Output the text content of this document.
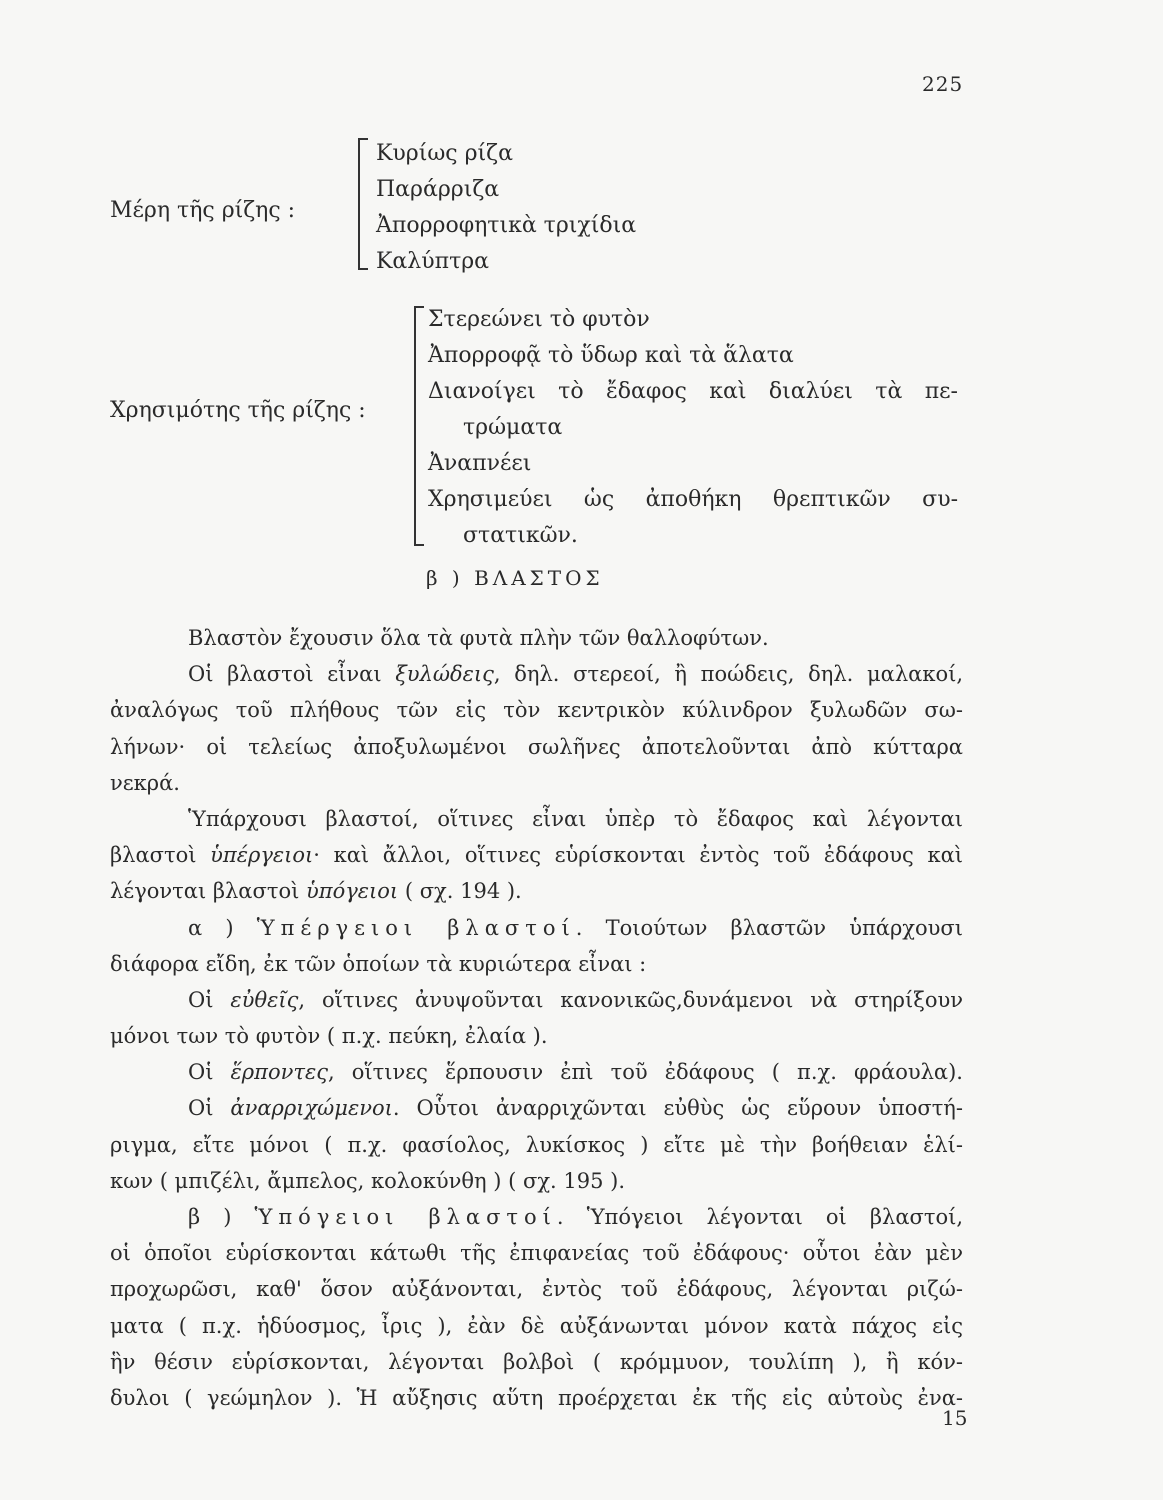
225
Μέρη τῆς ρίζης :
Κυρίως ρίζα
Παράρριζα
Ἀπορροφητικὰ τριχίδια
Καλύπτρα
Χρησιμότης τῆς ρίζης :
Στερεώνει τὸ φυτὸν
Ἀπορροφᾷ τὸ ὕδωρ καὶ τὰ ἅλατα
Διανοίγει τὸ ἔδαφος καὶ διαλύει τὰ πε-
τρώματα
Ἀναπνέει
Χρησιμεύει ὡς ἀποθήκη θρεπτικῶν συ-
στατικῶν.
β ) ΒΛΑΣΤΟΣ
Βλαστὸν ἔχουσιν ὅλα τὰ φυτὰ πλὴν τῶν θαλλοφύτων.
Οἱ βλαστοὶ εἶναι ξυλώδεις, δηλ. στερεοί, ἢ ποώδεις, δηλ. μαλακοί,
ἀναλόγως τοῦ πλήθους τῶν εἰς τὸν κεντρικὸν κύλινδρον ξυλωδῶν σω-
λήνων· οἱ τελείως ἀποξυλωμένοι σωλῆνες ἀποτελοῦνται ἀπὸ κύτταρα
νεκρά.
Ὑπάρχουσι βλαστοί, οἵτινες εἶναι ὑπὲρ τὸ ἔδαφος καὶ λέγονται
βλαστοὶ ὑπέργειοι· καὶ ἄλλοι, οἵτινες εὑρίσκονται ἐντὸς τοῦ ἐδάφους καὶ
λέγονται βλαστοὶ ὑπόγειοι ( σχ. 194 ).
α ) Ὑπέργειοι βλαστοί. Τοιούτων βλαστῶν ὑπάρχουσι
διάφορα εἴδη, ἐκ τῶν ὁποίων τὰ κυριώτερα εἶναι :
Οἱ εὐθεῖς, οἵτινες ἀνυψοῦνται κανονικῶς,δυνάμενοι νὰ στηρίξουν
μόνοι των τὸ φυτὸν ( π.χ. πεύκη, ἐλαία ).
Οἱ ἕρποντες, οἵτινες ἕρπουσιν ἐπὶ τοῦ ἐδάφους ( π.χ. φράουλα).
Οἱ ἀναρριχώμενοι. Οὗτοι ἀναρριχῶνται εὐθὺς ὡς εὕρουν ὑποστή-
ριγμα, εἴτε μόνοι ( π.χ. φασίολος, λυκίσκος ) εἴτε μὲ τὴν βοήθειαν ἑλί-
κων ( μπιζέλι, ἄμπελος, κολοκύνθη ) ( σχ. 195 ).
β ) Ὑπόγειοι βλαστοί. Ὑπόγειοι λέγονται οἱ βλαστοί,
οἱ ὁποῖοι εὑρίσκονται κάτωθι τῆς ἐπιφανείας τοῦ ἐδάφους· οὗτοι ἐὰν μὲν
προχωρῶσι, καθ' ὅσον αὐξάνονται, ἐντὸς τοῦ ἐδάφους, λέγονται ριζώ-
ματα ( π.χ. ἡδύοσμος, ἶρις ), ἐὰν δὲ αὐξάνωνται μόνον κατὰ πάχος εἰς
ἣν θέσιν εὑρίσκονται, λέγονται βολβοὶ ( κρόμμυον, τουλίπη ), ἢ κόν-
δυλοι ( γεώμηλον ). Ἡ αὔξησις αὕτη προέρχεται ἐκ τῆς εἰς αὐτοὺς ἐνα-
15
